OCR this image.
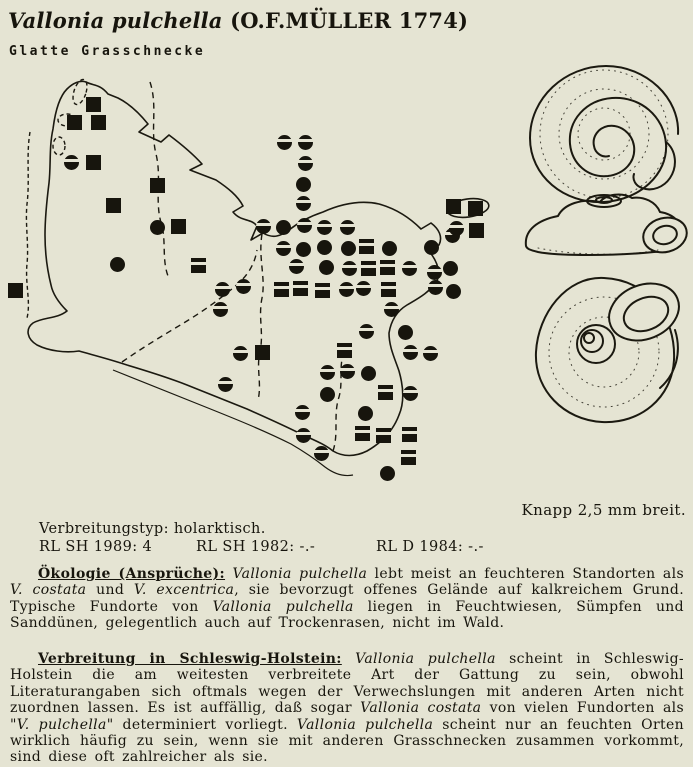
Vallonia pulchella (O.F.MÜLLER 1774)
Glatte Grasschnecke
Knapp 2,5 mm breit.
Verbreitungstyp: holarktisch.
RL SH 1989: 4	RL SH 1982: -.-	RL D 1984: -.-
Ökologie (Ansprüche): Vallonia pulchella lebt meist an feuchteren Standorten als V. costata und V. excentrica, sie bevorzugt offenes Gelände auf kalkreichem Grund. Typische Fundorte von Vallonia pulchella liegen in Feuchtwiesen, Sümpfen und Sanddünen, gelegentlich auch auf Trockenrasen, nicht im Wald.
Verbreitung in Schleswig-Holstein: Vallonia pulchella scheint in Schleswig-Holstein die am weitesten verbreitete Art der Gattung zu sein, obwohl Literaturangaben sich oftmals wegen der Verwechslungen mit anderen Arten nicht zuordnen lassen. Es ist auffällig, daß sogar Vallonia costata von vielen Fundorten als "V. pulchella" determiniert vorliegt. Vallonia pulchella scheint nur an feuchten Orten wirklich häufig zu sein, wenn sie mit anderen Grasschnecken zusammen vorkommt, sind diese oft zahlreicher als sie.
